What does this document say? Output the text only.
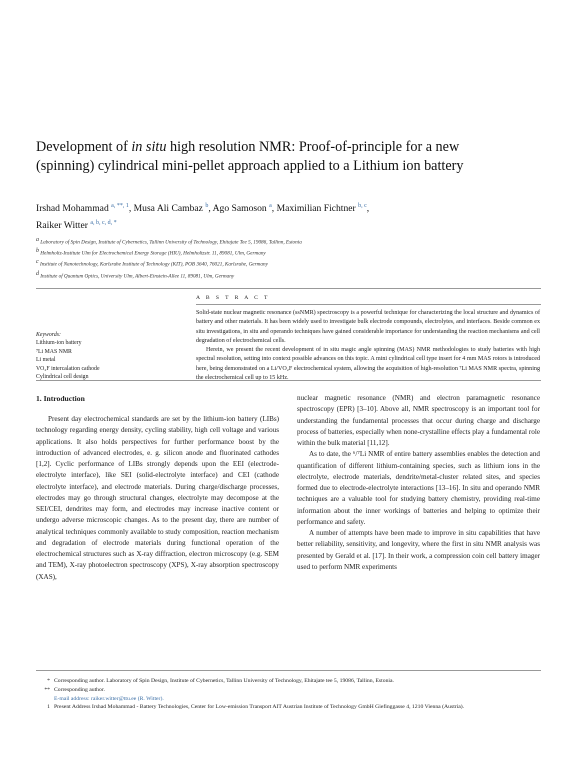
Development of in situ high resolution NMR: Proof-of-principle for a new
(spinning) cylindrical mini-pellet approach applied to a Lithium ion battery
Irshad Mohammad $^{a, **, 1}$, Musa Ali Cambaz $^b$, Ago Samoson $^a$, Maximilian Fichtner $^{b, c}$,
Raiker Witter $^{a, b, c, d, *}$
a Laboratory of Spin Design, Institute of Cybernetics, Tallinn University of Technology, Ehitajate Tee 5, 19086, Tallinn, Estonia
b Helmholtz-Institute Ulm for Electrochemical Energy Storage (HIU), Helmholtzstr. 11, 89081, Ulm, Germany
c Institute of Nanotechnology, Karlsruhe Institute of Technology (KIT), POB 3640, 76021, Karlsruhe, Germany
d Institute of Quantum Optics, University Ulm, Albert-Einstein-Allee 11, 89081, Ulm, Germany
A B S T R A C T
Keywords:
Lithium-ion battery
⁷Li MAS NMR
Li metal
VO₂F intercalation cathode
Cylindrical cell design

Solid-state nuclear magnetic resonance (ssNMR) spectroscopy is a powerful technique for characterizing the local structure and dynamics of battery and other materials. It has been widely used to investigate bulk electrode compounds, electrolytes, and interfaces. Beside common ex situ investigations, in situ and operando techniques have gained considerable importance for understanding the reaction mechanisms and cell degradation of electrochemical cells.

Herein, we present the recent development of in situ magic angle spinning (MAS) NMR methodologies to study batteries with high spectral resolution, setting into context possible advances on this topic. A mini cylindrical cell type insert for 4 mm MAS rotors is introduced here, being demonstrated on a Li/VO₂F electrochemical system, allowing the acquisition of high-resolution ⁷Li MAS NMR spectra, spinning the electrochemical cell up to 15 kHz.

1. Introduction

Present day electrochemical standards are set by the lithium-ion battery (LIBs) technology regarding energy density, cycling stability, high cell voltage and various applications. It also holds perspectives for further performance boost by the introduction of advanced electrodes, e. g. silicon anode and fluorinated cathodes [1,2]. Cyclic performance of LIBs strongly depends upon the EEI (electrode-electrolyte interface), like SEI (solid-electrolyte interface) and CEI (cathode electrolyte interface), and electrode materials. During charge/discharge processes, electrodes may go through structural changes, electrolyte may decompose at the SEI/CEI, dendrites may form, and electrodes may increase inactive content or undergo adverse microscopic changes. As to the present day, there are number of analytical techniques commonly available to study composition, reaction mechanism and degradation of electrode materials during functional operation of the electrochemical structures such as X-ray diffraction, electron microscopy (e.g. SEM and TEM), X-ray photoelectron spectroscopy (XPS), X-ray absorption spectroscopy (XAS),

nuclear magnetic resonance (NMR) and electron paramagnetic resonance spectroscopy (EPR) [3–10]. Above all, NMR spectroscopy is an important tool for understanding the fundamental processes that occur during charge and discharge process of batteries, especially when none-crystalline effects play a fundamental role within the bulk material [11,12].

As to date, the ⁶/⁷Li NMR of entire battery assemblies enables the detection and quantification of different lithium-containing species, such as lithium ions in the electrolyte, electrode materials, dendrite/metal-cluster related sites, and species formed due to electrode-electrolyte interactions [13–16]. In situ and operando NMR techniques are a valuable tool for studying battery chemistry, providing real-time information about the inner workings of batteries and helping to optimize their performance and safety.

A number of attempts have been made to improve in situ capabilities that have better reliability, sensitivity, and longevity, where the first in situ NMR analysis was presented by Gerald et al. [17]. In their work, a compression coin cell battery imager used to perform NMR experiments

* Corresponding author. Laboratory of Spin Design, Institute of Cybernetics, Tallinn University of Technology, Ehitajate tee 5, 19086, Tallinn, Estonia.

** Corresponding author.

E-mail address: raiker.witter@ttu.ee (R. Witter).

1 Present Address Irshad Mohammad - Battery Technologies, Center for Low-emission Transport AIT Austrian Institute of Technology GmbH Giefinggasse 4, 1210 Vienna (Austria).
